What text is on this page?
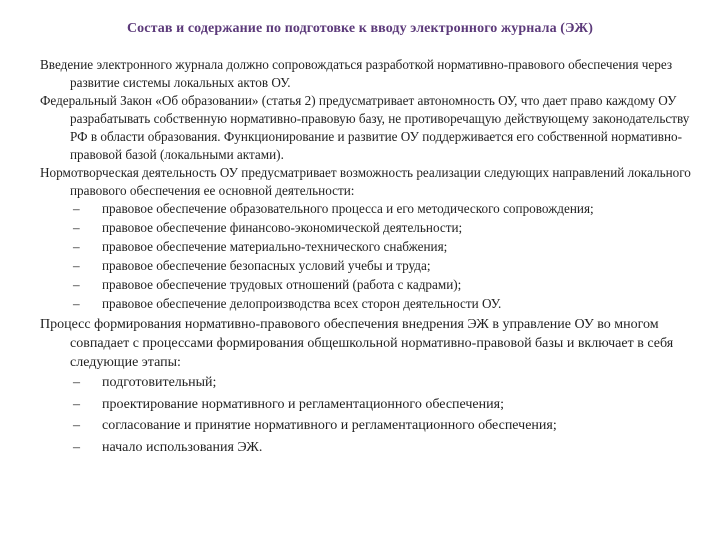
Состав и содержание по подготовке к вводу электронного журнала (ЭЖ)

Введение электронного журнала должно сопровождаться разработкой нормативно-правового обеспечения через развитие системы локальных актов ОУ.

Федеральный Закон «Об образовании» (статья 2) предусматривает автономность ОУ, что дает право каждому ОУ разрабатывать собственную нормативно-правовую базу, не противоречащую действующему законодательству РФ в области образования. Функционирование и развитие ОУ поддерживается его собственной нормативно-правовой базой (локальными актами).

Нормотворческая деятельность ОУ предусматривает возможность реализации следующих направлений локального правового обеспечения ее основной деятельности:

– правовое обеспечение образовательного процесса и его методического сопровождения;
– правовое обеспечение финансово-экономической деятельности;
– правовое обеспечение материально-технического снабжения;
– правовое обеспечение безопасных условий учебы и труда;
– правовое обеспечение трудовых отношений (работа с кадрами);
– правовое обеспечение делопроизводства всех сторон деятельности ОУ.

Процесс формирования нормативно-правового обеспечения внедрения ЭЖ в управление ОУ во многом совпадает с процессами формирования общешкольной нормативно-правовой базы и включает в себя следующие этапы:

– подготовительный;
– проектирование нормативного и регламентационного обеспечения;
– согласование и принятие нормативного и регламентационного обеспечения;
– начало использования ЭЖ.
